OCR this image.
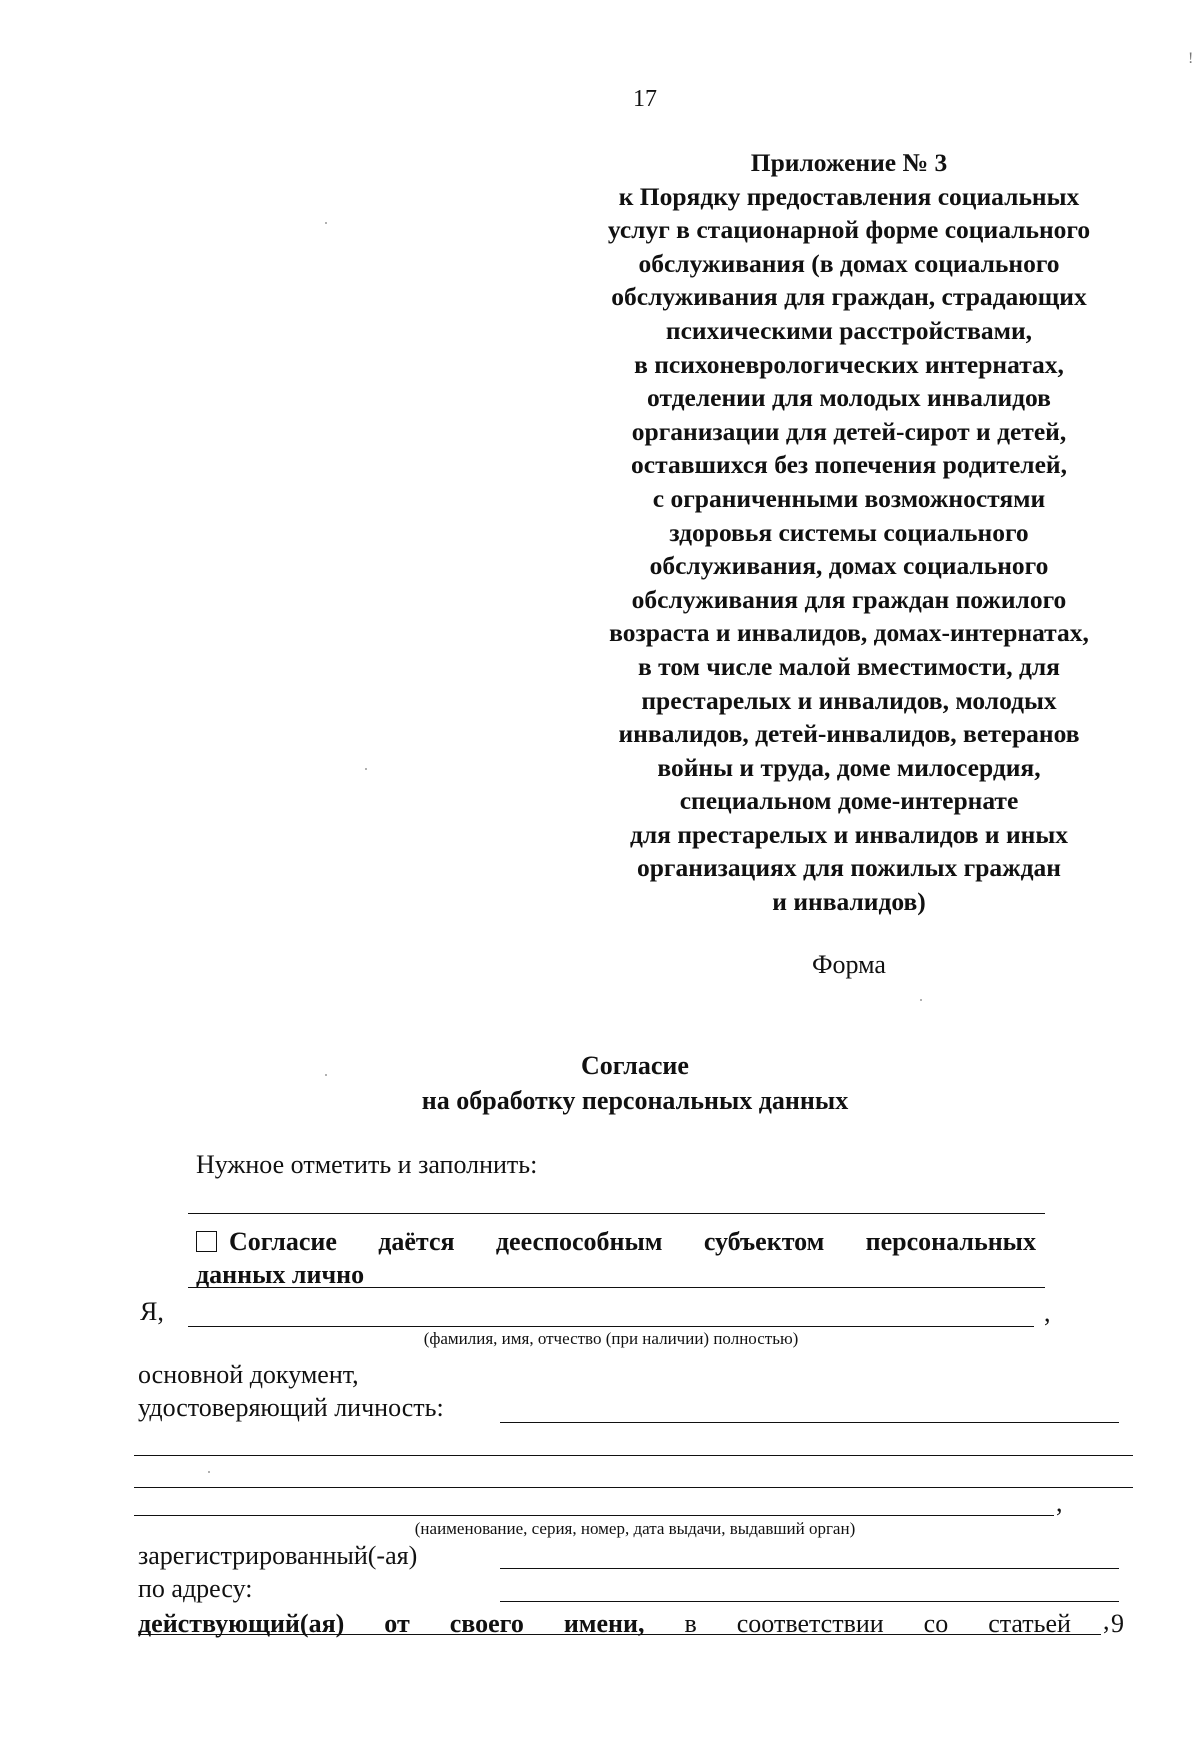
17
Приложение № 3
к Порядку предоставления социальных
услуг в стационарной форме социального
обслуживания (в домах социального
обслуживания для граждан, страдающих
психическими расстройствами,
в психоневрологических интернатах,
отделении для молодых инвалидов
организации для детей-сирот и детей,
оставшихся без попечения родителей,
с ограниченными возможностями
здоровья системы социального
обслуживания, домах социального
обслуживания для граждан пожилого
возраста и инвалидов, домах-интернатах,
в том числе малой вместимости, для
престарелых и инвалидов, молодых
инвалидов, детей-инвалидов, ветеранов
войны и труда, доме милосердия,
специальном доме-интернате
для престарелых и инвалидов и иных
организациях для пожилых граждан
и инвалидов)
Форма
Согласие
на обработку персональных данных
Нужное отметить и заполнить:
Согласие даётся дееспособным субъектом персональных
данных лично
Я,	,
(фамилия, имя, отчество (при наличии) полностью)
основной документ,
удостоверяющий личность:
,
(наименование, серия, номер, дата выдачи, выдавший орган)
зарегистрированный(-ая)
по адресу:
,
действующий(ая) от своего имени, в соответствии со статьей 9
!
